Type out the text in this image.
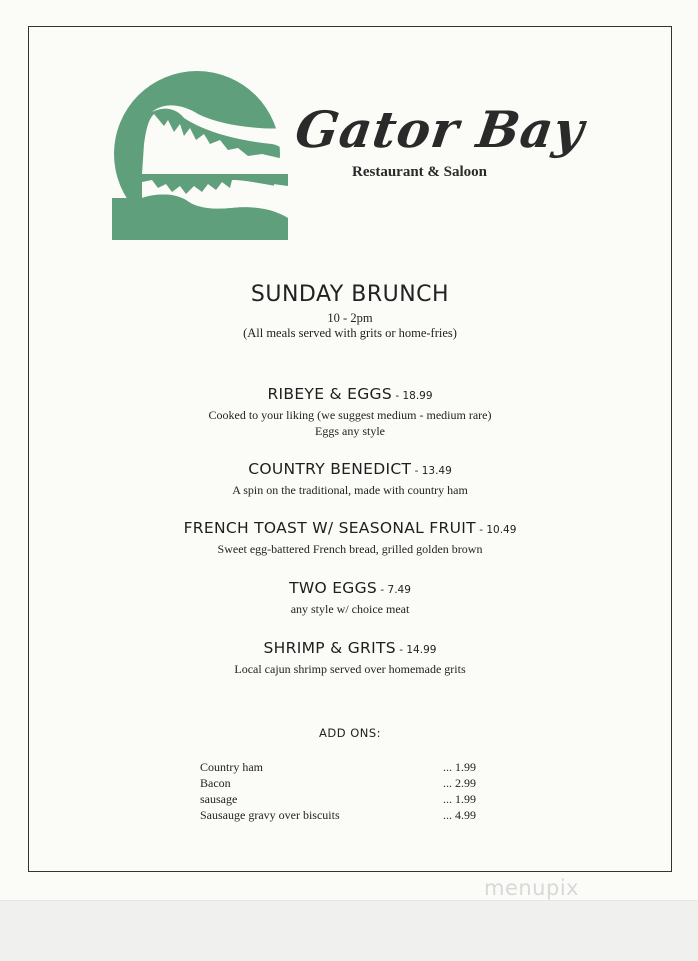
Gator Bay
Restaurant & Saloon
SUNDAY BRUNCH
10 - 2pm
(All meals served with grits or home-fries)
RIBEYE & EGGS - 18.99
Cooked to your liking (we suggest medium - medium rare)
Eggs any style
COUNTRY BENEDICT - 13.49
A spin on the traditional, made with country ham
FRENCH TOAST W/ SEASONAL FRUIT - 10.49
Sweet egg-battered French bread, grilled golden brown
TWO EGGS - 7.49
any style w/ choice meat
SHRIMP & GRITS - 14.99
Local cajun shrimp served over homemade grits
ADD ONS:
Country ham	... 1.99
Bacon	... 2.99
sausage	... 1.99
Sausauge gravy over biscuits	... 4.99
menupix
